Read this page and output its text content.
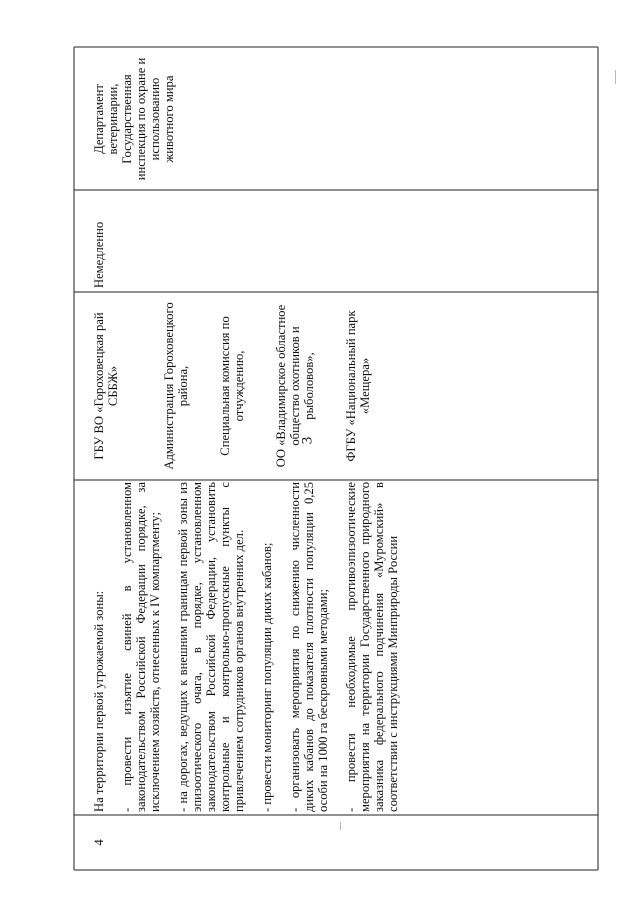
3

4

На территории первой угрожаемой зоны: - провести изъятие свиней в установленном законодательством Российской Федерации порядке, за исключением хозяйств, отнесенных к IV компартменту; - на дорогах, ведущих к внешним границам первой зоны из эпизоотического очага, в порядке, установленном законодательством Российской Федерации, установить контрольные и контрольно-пропускные пункты с привлечением сотрудников органов внутренних дел. - провести мониторинг популяции диких кабанов; - организовать мероприятия по снижению численности диких кабанов до показателя плотности популяции 0,25 особи на 1000 га бескровными методами; - провести необходимые противоэпизоотические мероприятия на территории Государственного природного заказника федерального подчинения «Муромский» в соответствии с инструкциями Минприроды России

ГБУ ВО «Гороховецкая рай СББЖ»	Администрация Гороховецкого района, Специальная комиссия по отчуждению, ОО «Владимирское областное общество охотников и рыболовов», ФГБУ «Национальный парк «Мещера»

Немедленно

Департамент ветеринарии, Государственная инспекция по охране и использованию животного мира
